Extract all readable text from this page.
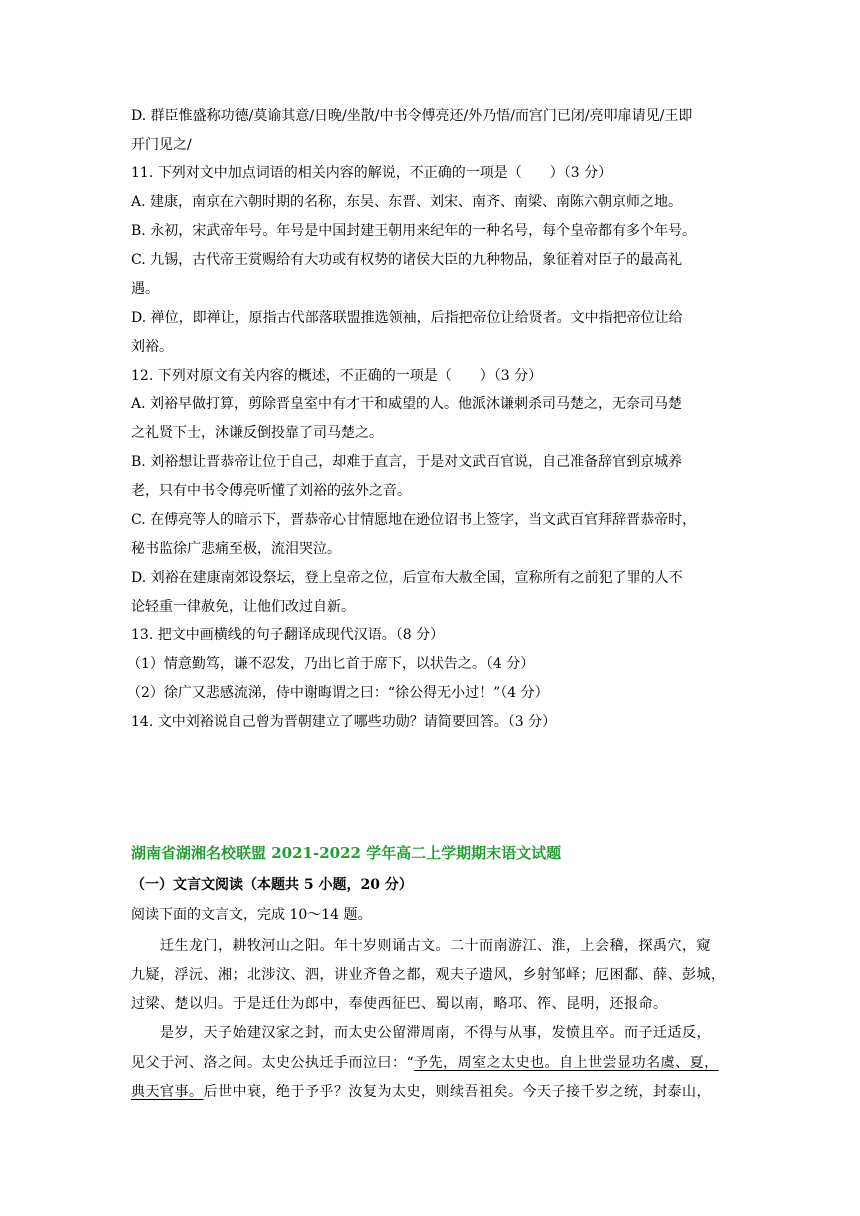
D. 群臣惟盛称功德/莫谕其意/日晚/坐散/中书令傅亮还/外乃悟/而宫门已闭/亮叩扉请见/王即
开门见之/
11. 下列对文中加点词语的相关内容的解说，不正确的一项是（　　）（3 分）
A. 建康，南京在六朝时期的名称，东吴、东晋、刘宋、南齐、南梁、南陈六朝京师之地。
B. 永初，宋武帝年号。年号是中国封建王朝用来纪年的一种名号，每个皇帝都有多个年号。
C. 九锡，古代帝王赏赐给有大功或有权势的诸侯大臣的九种物品，象征着对臣子的最高礼
遇。
D. 禅位，即禅让，原指古代部落联盟推选领袖，后指把帝位让给贤者。文中指把帝位让给
刘裕。
12. 下列对原文有关内容的概述，不正确的一项是（　　）（3 分）
A. 刘裕早做打算，剪除晋皇室中有才干和威望的人。他派沐谦刺杀司马楚之，无奈司马楚
之礼贤下士，沐谦反倒投靠了司马楚之。
B. 刘裕想让晋恭帝让位于自己，却难于直言，于是对文武百官说，自己准备辞官到京城养
老，只有中书令傅亮听懂了刘裕的弦外之音。
C. 在傅亮等人的暗示下，晋恭帝心甘情愿地在逊位诏书上签字，当文武百官拜辞晋恭帝时，
秘书监徐广悲痛至极，流泪哭泣。
D. 刘裕在建康南郊设祭坛，登上皇帝之位，后宣布大赦全国，宣称所有之前犯了罪的人不
论轻重一律赦免，让他们改过自新。
13. 把文中画横线的句子翻译成现代汉语。（8 分）
（1）情意勤笃，谦不忍发，乃出匕首于席下，以状告之。（4 分）
（2）徐广又悲感流涕，侍中谢晦谓之曰：“徐公得无小过！”（4 分）
14. 文中刘裕说自己曾为晋朝建立了哪些功勋？请简要回答。（3 分）
湖南省湖湘名校联盟 2021-2022 学年高二上学期期末语文试题
（一）文言文阅读（本题共 5 小题，20 分）
阅读下面的文言文，完成 10～14 题。
迁生龙门，耕牧河山之阳。年十岁则诵古文。二十而南游江、淮，上会稽，探禹穴，窥
九疑，浮沅、湘；北涉汶、泗，讲业齐鲁之都，观夫子遗风，乡射邹峄；厄困鄱、薛、彭城，
过梁、楚以归。于是迁仕为郎中，奉使西征巴、蜀以南，略邛、筰、昆明，还报命。
是岁，天子始建汉家之封，而太史公留滞周南，不得与从事，发愤且卒。而子迁适反，
见父于河、洛之间。太史公执迁手而泣曰：“予先，周室之太史也。自上世尝显功名虞、夏，
典天官事。后世中衰，绝于予乎？汝复为太史，则续吾祖矣。今天子接千岁之统，封泰山，
